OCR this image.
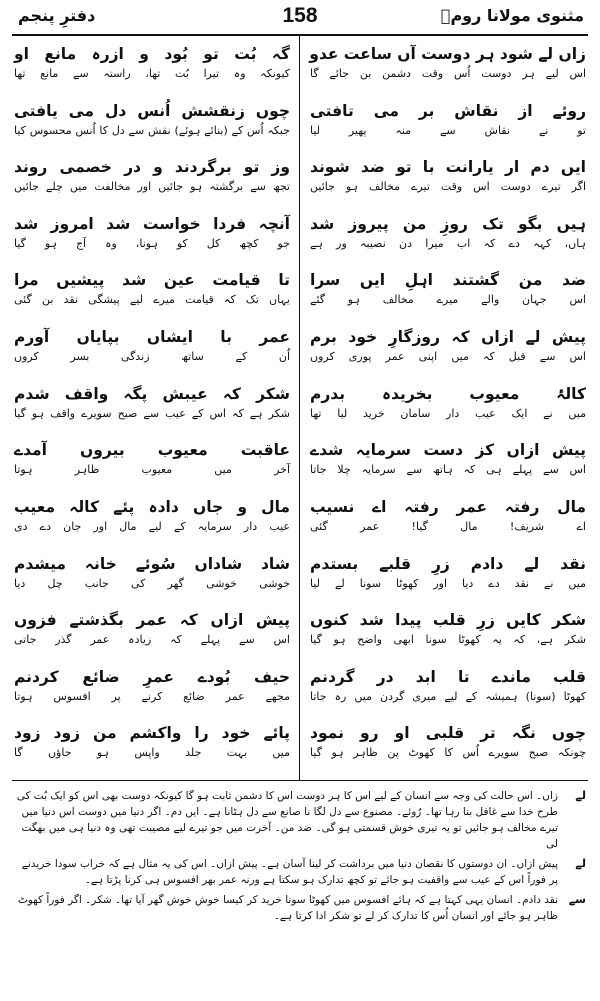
مثنوی مولانا رومؒ
158
دفترِ پنجم
زاں لے شود ہر دوست آں ساعت عدو
اس لیے ہر دوست اُس وقت دشمن بن جائے گا
روئے از نقاش بر می تافتی
تو نے نقاش سے منہ پھیر لیا
ایں دم ار یارانت با تو ضد شوند
اگر تیرے دوست اس وقت تیرے مخالف ہو جائیں
ہیں بگو تک روزِ من پیروز شد
ہاں، کہہ دے کہ اب میرا دن نصیبہ ور ہے
ضد من گشتند اہلِ ایں سرا
اس جہان والے میرے مخالف ہو گئے
پیش لے ازاں کہ روزگارِ خود برم
اس سے قبل کہ میں اپنی عمر پوری کروں
کالۂ معیوب بخریدہ بدرم
میں نے ایک عیب دار سامان خرید لیا تھا
پیش ازاں کز دست سرمایہ شدے
اس سے پہلے ہی کہ ہاتھ سے سرمایہ چلا جاتا
مال رفتہ عمر رفتہ اے نسیب
اے شریف! مال گیا! عمر گئی
نقد لے دادم زرِ قلبے بستدم
میں نے نقد دے دیا اور کھوٹا سونا لے لیا
شکر کایں زرِ قلب پیدا شد کنوں
شکر ہے، کہ یہ کھوٹا سونا ابھی واضح ہو گیا
قلب ماندے تا ابد در گردنم
کھوٹا (سونا) ہمیشہ کے لیے میری گردن میں رہ جاتا
چوں نگہ تر قلبی او رو نمود
چونکہ صبح سویرے اُس کا کھوٹ پن ظاہر ہو گیا
گہ بُت تو بُود و ازرہ مانع او
کیونکہ وہ تیرا بُت تھا، راستہ سے مانع تھا
چوں زنقشش اُنس دل می یافتی
جبکہ اُس کے (بنائے ہوئے) نقش سے دل کا اُنس محسوس کیا
وز تو برگردند و در خصمی روند
تجھ سے برگشتہ ہو جائیں اور مخالفت میں چلے جائیں
آنچہ فردا خواست شد امروز شد
جو کچھ کل کو ہونا، وہ آج ہو گیا
تا قیامت عین شد پیشیں مرا
یہاں تک کہ قیامت میرے لیے پیشگی نقد بن گئی
عمر با ایشاں بپایاں آورم
اُن کے ساتھ زندگی بسر کروں
شکر کہ عیبش پگہ واقف شدم
شکر ہے کہ اس کے عیب سے صبح سویرے واقف ہو گیا
عاقبت معیوب بیروں آمدے
آخر میں معیوب ظاہر ہوتا
مال و جاں دادہ پئے کالہ معیب
عیب دار سرمایہ کے لیے مال اور جان دے دی
شاد شاداں سُوئے خانہ میشدم
خوشی خوشی گھر کی جانب چل دیا
پیش ازاں کہ عمر بگذشتے فزوں
اس سے پہلے کہ زیادہ عمر گذر جاتی
حیف بُودے عمرِ ضائع کردنم
مجھے عمر ضائع کرنے پر افسوس ہوتا
پائے خود را واکشم من زود زود
میں بہت جلد واپس ہو جاؤں گا
لے
زاں۔ اس حالت کی وجہ سے انسان کے لیے اس کا ہر دوست اس کا دشمن ثابت ہو گا کیونکہ دوست بھی اس کو ایک بُت کی طرح خدا سے غافل بنا رہا تھا۔ رُوئے۔ مصنوع سے دل لگا نا صانع سے دل ہٹانا ہے۔ ایں دم۔ اگر دنیا میں دوست اس دنیا میں تیرے مخالف ہو جائیں تو یہ تیری خوش قسمتی ہو گی۔ ضد من۔ آخرت میں جو تیرے لیے مصیبت تھی وہ دنیا ہی میں بھگت لی
لے
پیش ازاں۔ ان دوستوں کا نقصان دنیا میں برداشت کر لینا آسان ہے۔ پیش ازاں۔ اس کی یہ مثال ہے کہ خراب سودا خریدنے پر فوراً اس کے عیب سے واقفیت ہو جائے تو کچھ تدارک ہو سکتا ہے ورنہ عمر بھر افسوس ہی کرنا پڑتا ہے۔
سے
نقد دادم۔ انسان یہی کہتا ہے کہ ہائے افسوس میں کھوٹا سونا خرید کر کیسا خوش خوش گھر آیا تھا۔ شکر۔ اگر فوراً کھوٹ ظاہر ہو جائے اور انسان اُس کا تدارک کر لے تو شکر ادا کرتا ہے۔
